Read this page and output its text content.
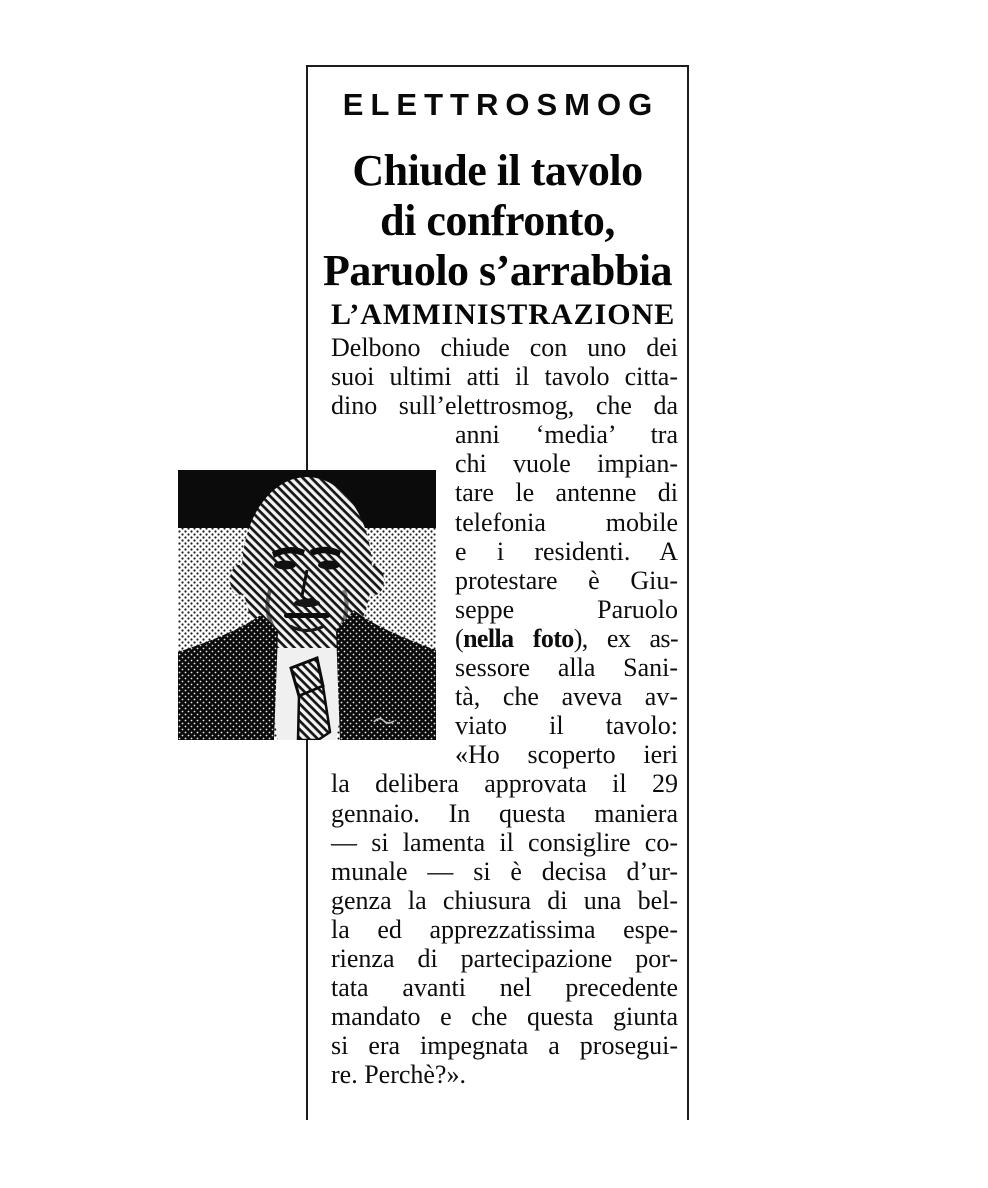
ELETTROSMOG
Chiude il tavolo
di confronto,
Paruolo s’arrabbia
L’AMMINISTRAZIONE
Delbono chiude con uno dei
suoi ultimi atti il tavolo citta-
dino sull’elettrosmog, che da
anni ‘media’ tra
chi vuole impian-
tare le antenne di
telefonia mobile
e i residenti. A
protestare è Giu-
seppe Paruolo
(nella foto), ex as-
sessore alla Sani-
tà, che aveva av-
viato il tavolo:
«Ho scoperto ieri
la delibera approvata il 29
gennaio. In questa maniera
— si lamenta il consiglire co-
munale — si è decisa d’ur-
genza la chiusura di una bel-
la ed apprezzatissima espe-
rienza di partecipazione por-
tata avanti nel precedente
mandato e che questa giunta
si era impegnata a prosegui-
re. Perchè?».
